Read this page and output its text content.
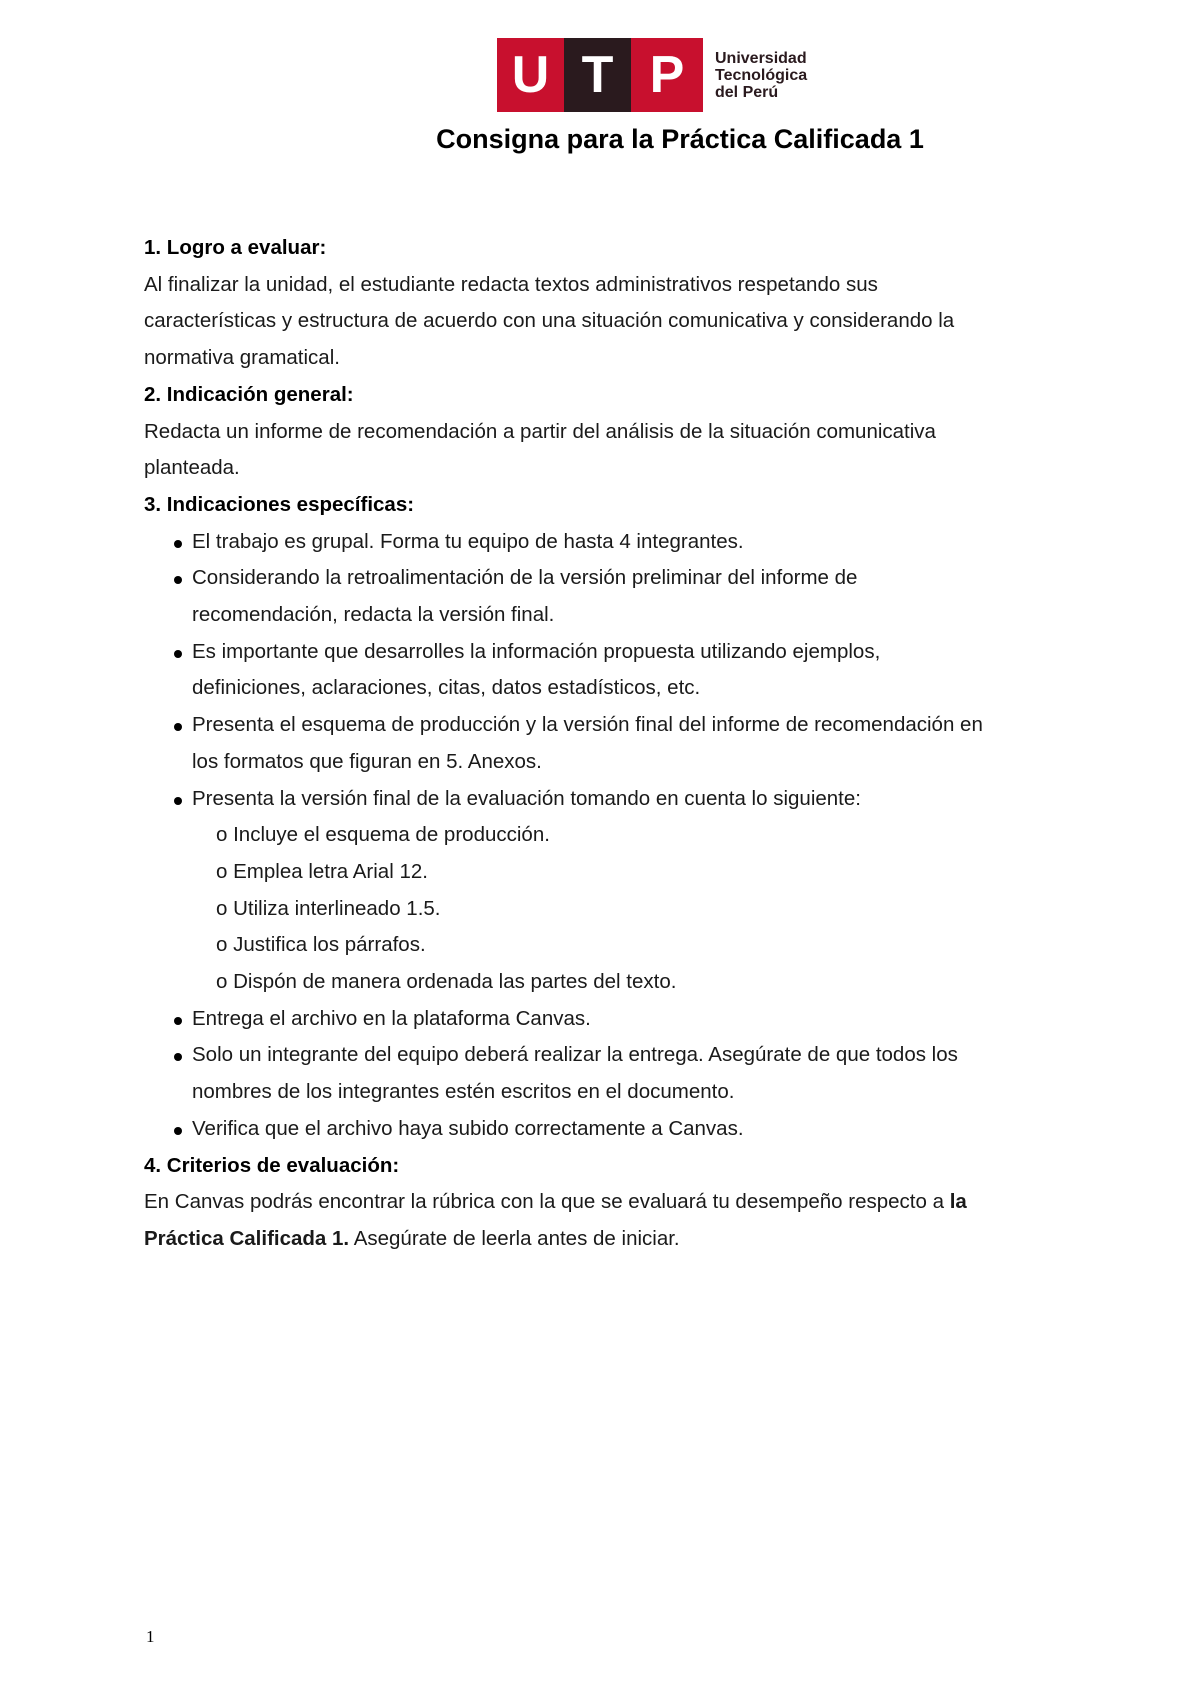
U T P	Universidad
Tecnológica
del Perú
Consigna para la Práctica Calificada 1

1. Logro a evaluar:

Al finalizar la unidad, el estudiante redacta textos administrativos respetando sus características y estructura de acuerdo con una situación comunicativa y considerando la normativa gramatical.

2. Indicación general:

Redacta un informe de recomendación a partir del análisis de la situación comunicativa planteada.

3. Indicaciones específicas:

El trabajo es grupal. Forma tu equipo de hasta 4 integrantes.
Considerando la retroalimentación de la versión preliminar del informe de recomendación, redacta la versión final.
Es importante que desarrolles la información propuesta utilizando ejemplos, definiciones, aclaraciones, citas, datos estadísticos, etc.
Presenta el esquema de producción y la versión final del informe de recomendación en los formatos que figuran en 5. Anexos.
Presenta la versión final de la evaluación tomando en cuenta lo siguiente:
o Incluye el esquema de producción.
o Emplea letra Arial 12.
o Utiliza interlineado 1.5.
o Justifica los párrafos.
o Dispón de manera ordenada las partes del texto.
Entrega el archivo en la plataforma Canvas.
Solo un integrante del equipo deberá realizar la entrega. Asegúrate de que todos los nombres de los integrantes estén escritos en el documento.
Verifica que el archivo haya subido correctamente a Canvas.

4. Criterios de evaluación:

En Canvas podrás encontrar la rúbrica con la que se evaluará tu desempeño respecto a la Práctica Calificada 1. Asegúrate de leerla antes de iniciar.

1
